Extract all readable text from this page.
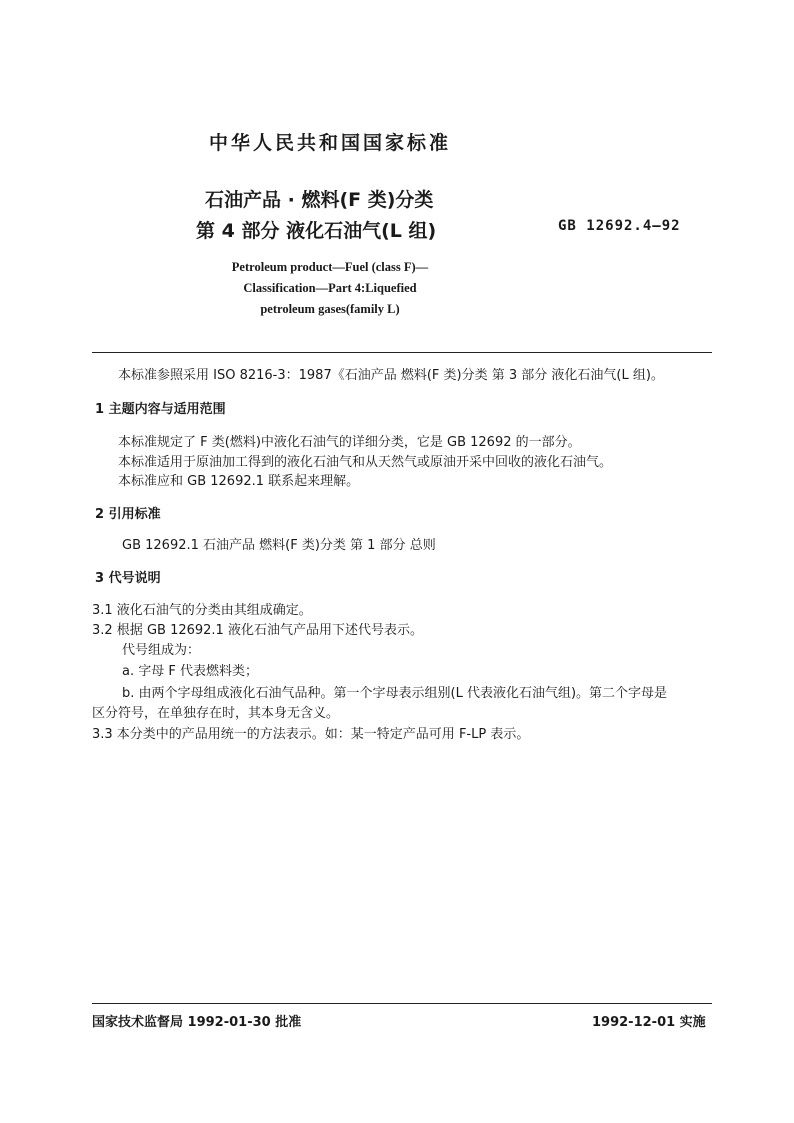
中华人民共和国国家标准
石油产品 · 燃料(F 类)分类
第 4 部分 液化石油气(L 组)	GB 12692.4—92
Petroleum product—Fuel (class F)—
Classification—Part 4:Liquefied
petroleum gases(family L)
本标准参照采用 ISO 8216-3：1987《石油产品 燃料(F 类)分类 第 3 部分 液化石油气(L 组)。
1 主题内容与适用范围
本标准规定了 F 类(燃料)中液化石油气的详细分类，它是 GB 12692 的一部分。
本标准适用于原油加工得到的液化石油气和从天然气或原油开采中回收的液化石油气。
本标准应和 GB 12692.1 联系起来理解。
2 引用标准
GB 12692.1 石油产品 燃料(F 类)分类 第 1 部分 总则
3 代号说明
3.1 液化石油气的分类由其组成确定。
3.2 根据 GB 12692.1 液化石油气产品用下述代号表示。
代号组成为：
a. 字母 F 代表燃料类；
b. 由两个字母组成液化石油气品种。第一个字母表示组别(L 代表液化石油气组)。第二个字母是
区分符号，在单独存在时，其本身无含义。
3.3 本分类中的产品用统一的方法表示。如：某一特定产品可用 F-LP 表示。
国家技术监督局 1992-01-30 批准	1992-12-01 实施
